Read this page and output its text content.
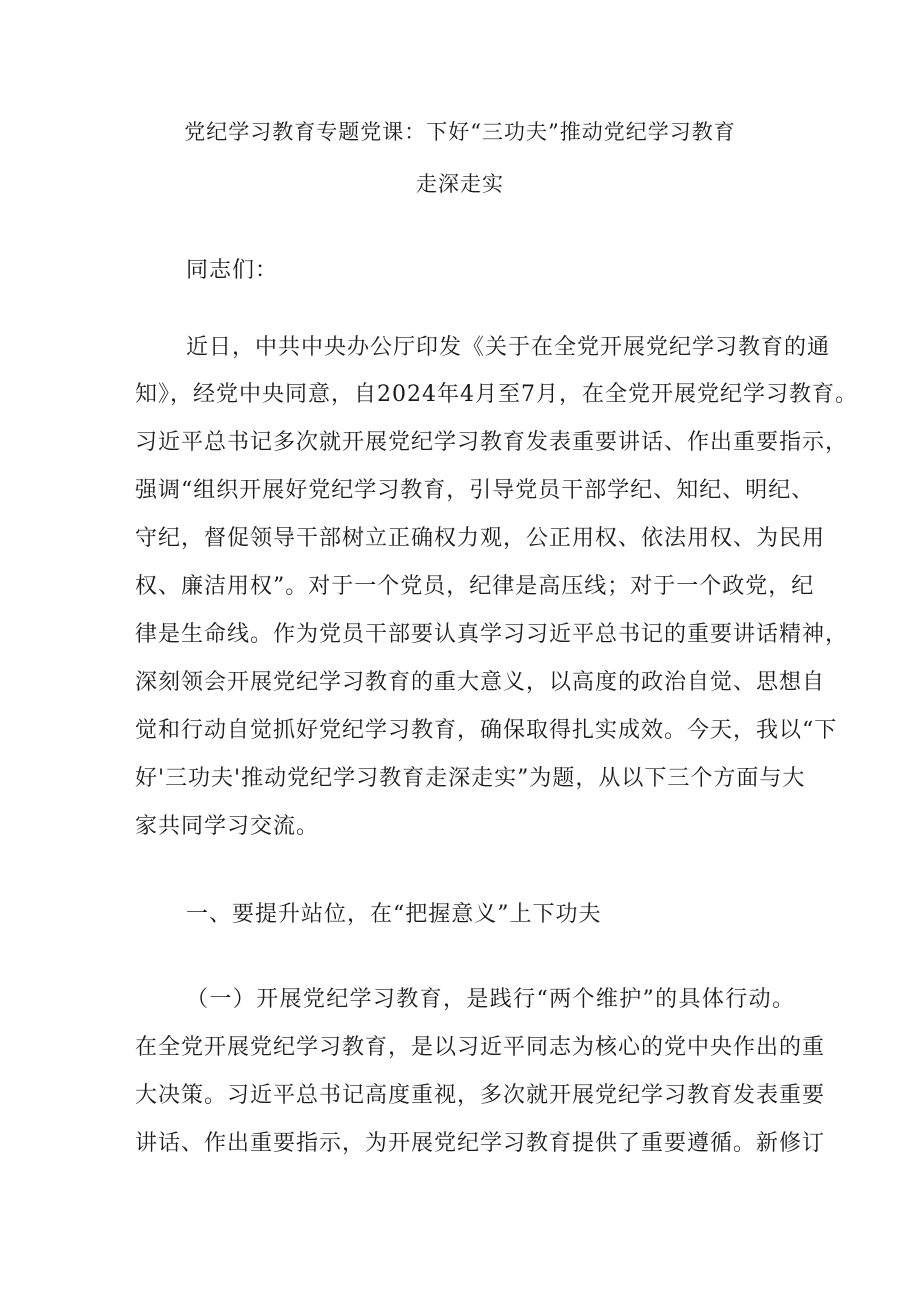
党纪学习教育专题党课：下好“三功夫”推动党纪学习教育
走深走实
同志们：
近日，中共中央办公厅印发《关于在全党开展党纪学习教育的通
知》，经党中央同意，自2024年4月至7月，在全党开展党纪学习教育。
习近平总书记多次就开展党纪学习教育发表重要讲话、作出重要指示，
强调“组织开展好党纪学习教育，引导党员干部学纪、知纪、明纪、
守纪，督促领导干部树立正确权力观，公正用权、依法用权、为民用
权、廉洁用权”。对于一个党员，纪律是高压线；对于一个政党，纪
律是生命线。作为党员干部要认真学习习近平总书记的重要讲话精神，
深刻领会开展党纪学习教育的重大意义，以高度的政治自觉、思想自
觉和行动自觉抓好党纪学习教育，确保取得扎实成效。今天，我以“下
好'三功夫'推动党纪学习教育走深走实”为题，从以下三个方面与大
家共同学习交流。
一、要提升站位，在“把握意义”上下功夫
（一）开展党纪学习教育，是践行“两个维护”的具体行动。
在全党开展党纪学习教育，是以习近平同志为核心的党中央作出的重
大决策。习近平总书记高度重视，多次就开展党纪学习教育发表重要
讲话、作出重要指示，为开展党纪学习教育提供了重要遵循。新修订
